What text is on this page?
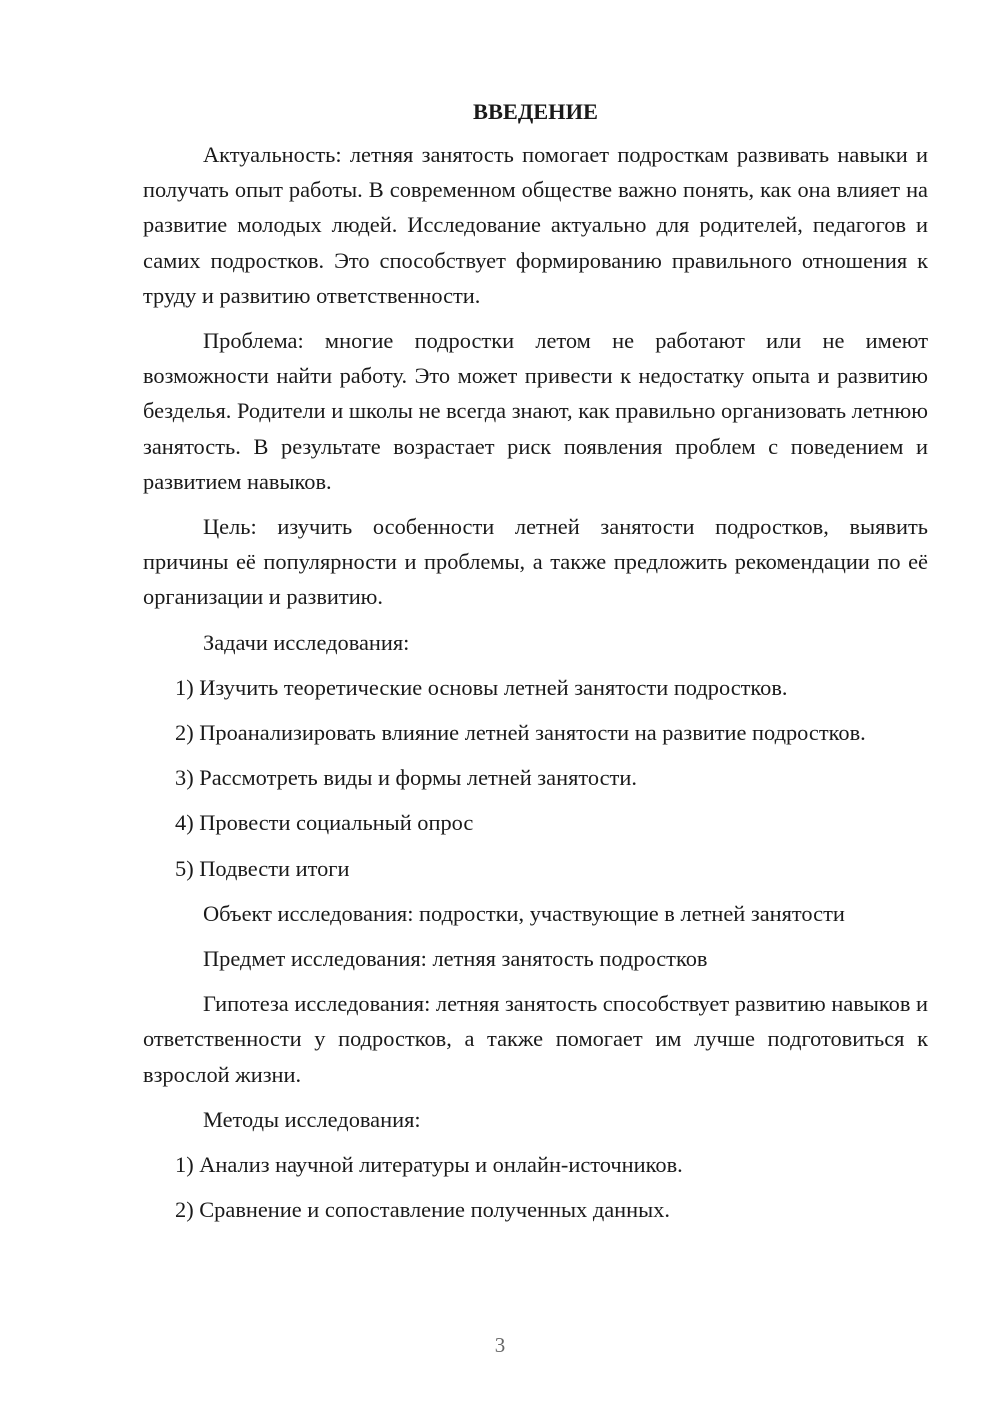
ВВЕДЕНИЕ

Актуальность: летняя занятость помогает подросткам развивать навыки и получать опыт работы. В современном обществе важно понять, как она влияет на развитие молодых людей. Исследование актуально для родителей, педагогов и самих подростков. Это способствует формированию правильного отношения к труду и развитию ответственности.

Проблема: многие подростки летом не работают или не имеют возможности найти работу. Это может привести к недостатку опыта и развитию безделья. Родители и школы не всегда знают, как правильно организовать летнюю занятость. В результате возрастает риск появления проблем с поведением и развитием навыков.

Цель: изучить особенности летней занятости подростков, выявить причины её популярности и проблемы, а также предложить рекомендации по её организации и развитию.

Задачи исследования:

1) Изучить теоретические основы летней занятости подростков.

2) Проанализировать влияние летней занятости на развитие подростков.

3) Рассмотреть виды и формы летней занятости.

4) Провести социальный опрос

5) Подвести итоги

Объект исследования: подростки, участвующие в летней занятости

Предмет исследования: летняя занятость подростков

Гипотеза исследования: летняя занятость способствует развитию навыков и ответственности у подростков, а также помогает им лучше подготовиться к взрослой жизни.

Методы исследования:

1) Анализ научной литературы и онлайн-источников.

2) Сравнение и сопоставление полученных данных.

3
